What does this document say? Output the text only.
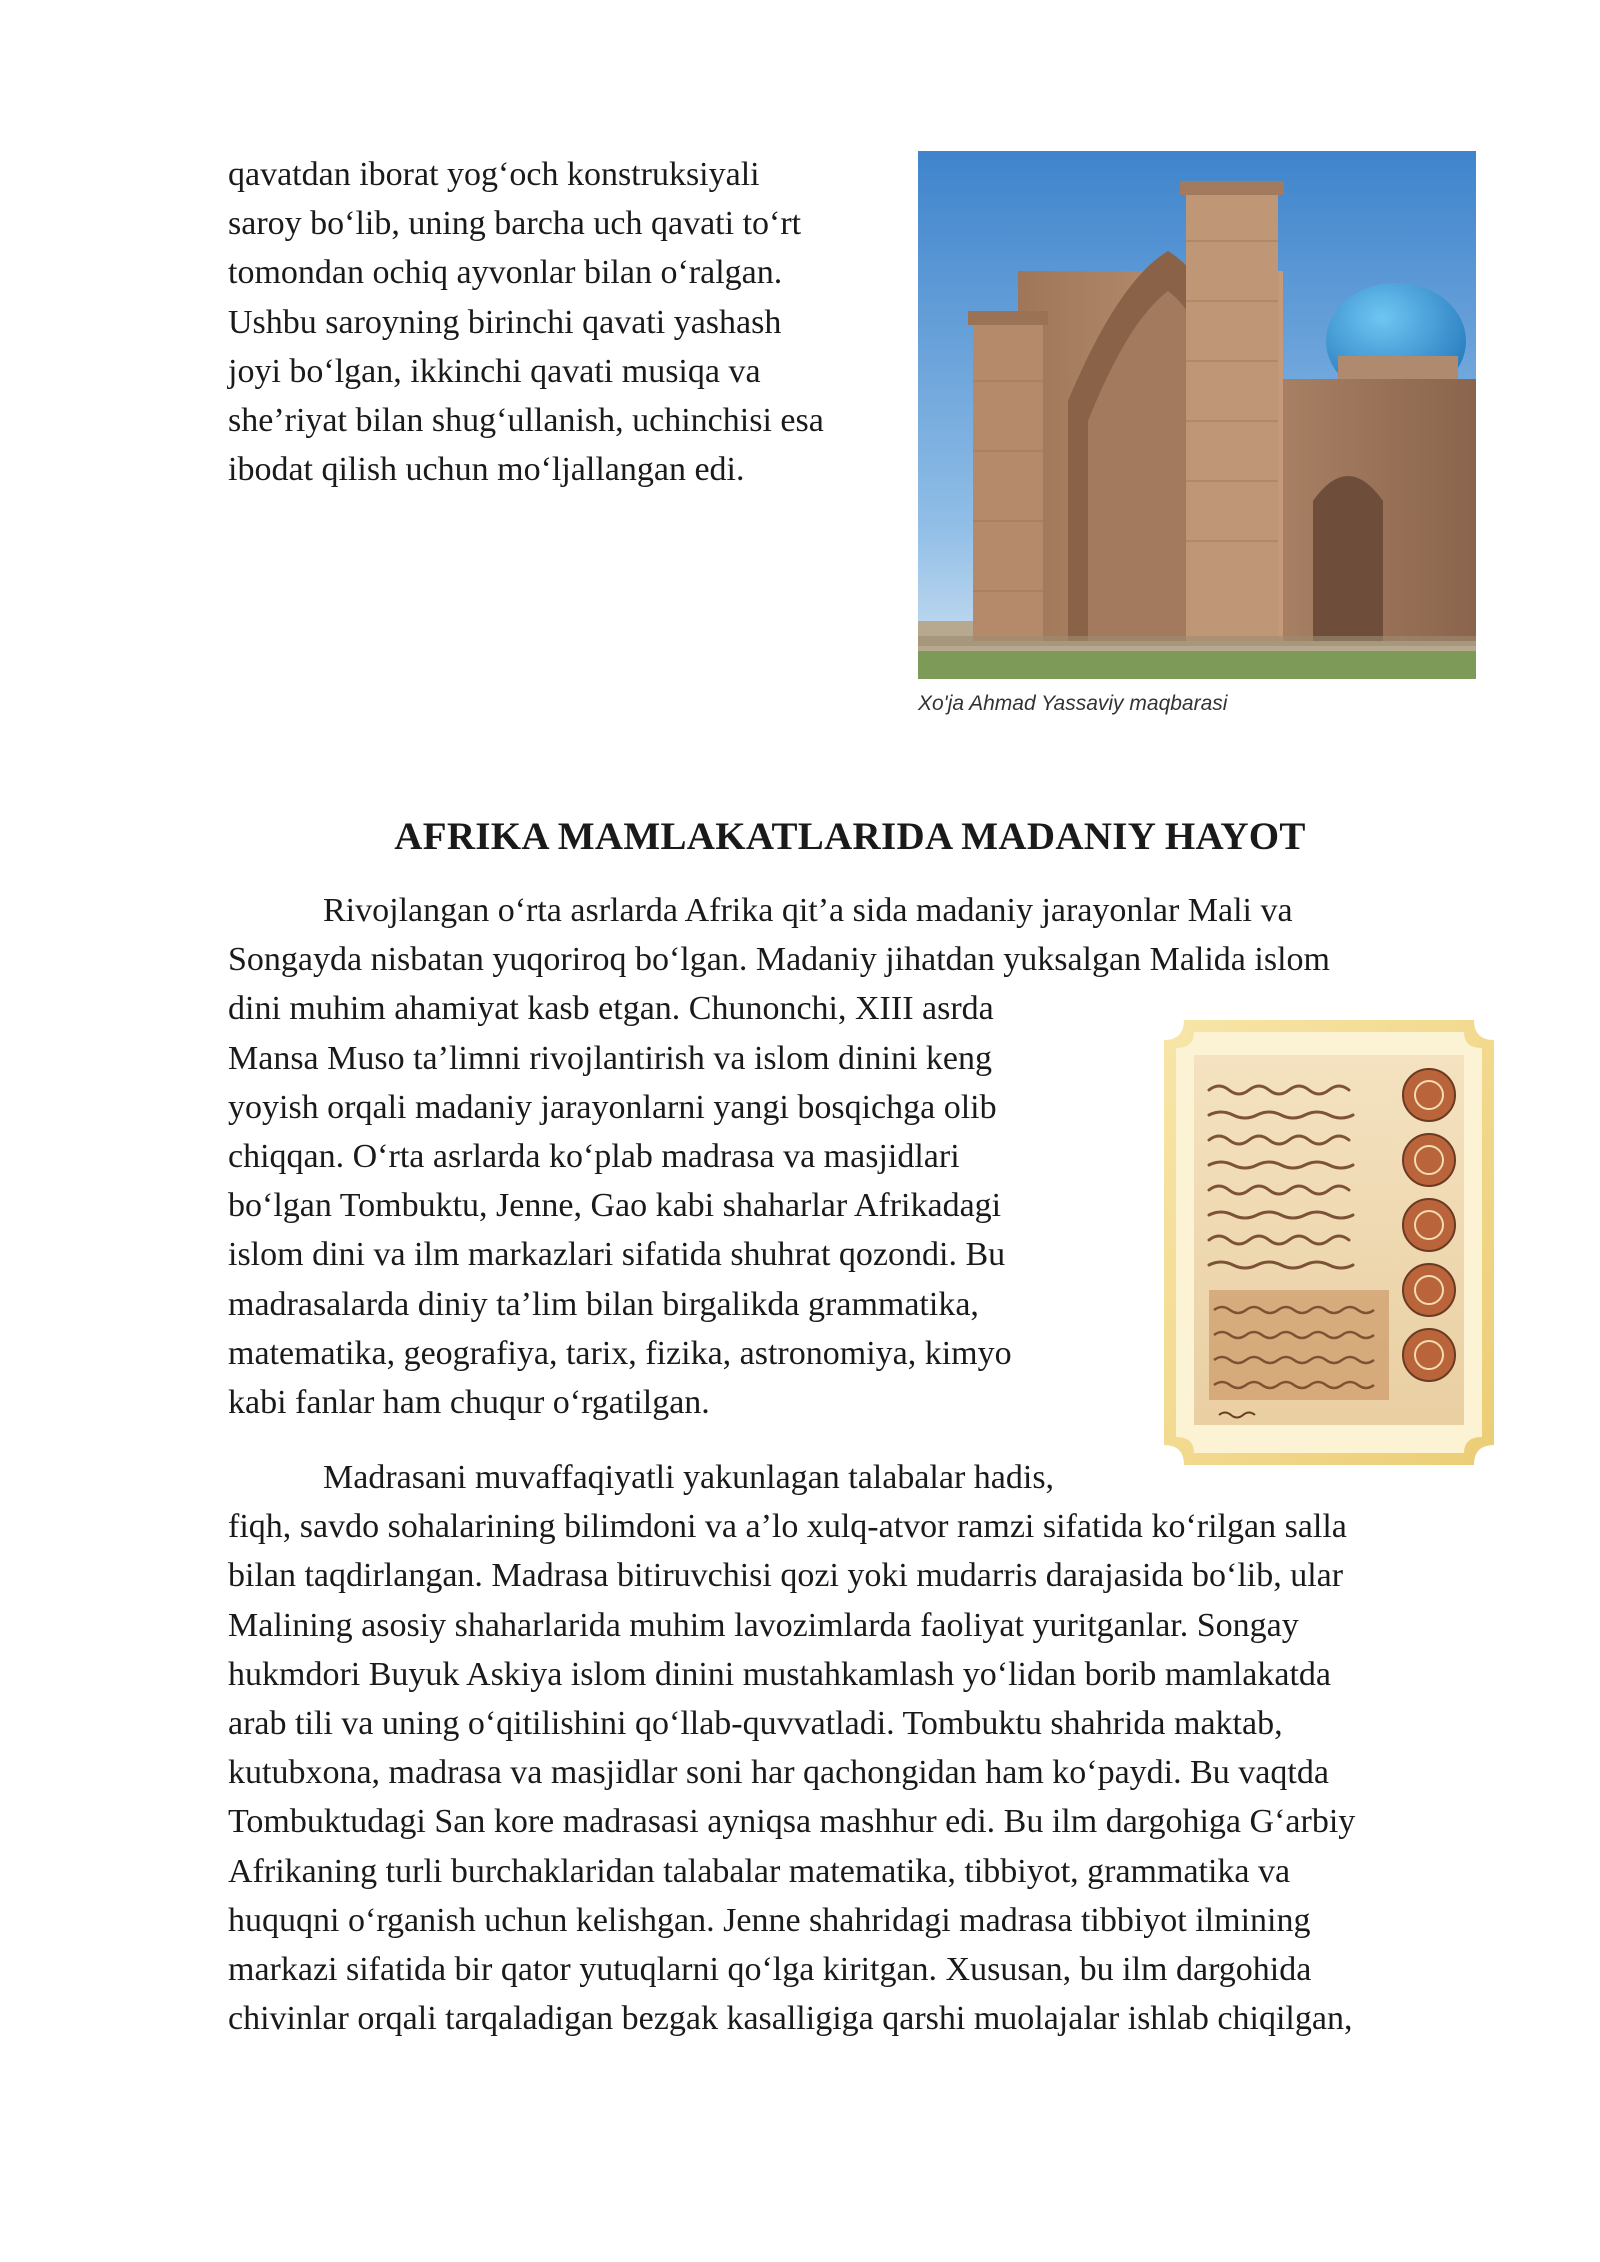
qavatdan iborat yog‘och konstruksiyali
saroy bo‘lib, uning barcha uch qavati to‘rt
tomondan ochiq ayvonlar bilan o‘ralgan.
Ushbu saroyning birinchi qavati yashash
joyi bo‘lgan, ikkinchi qavati musiqa va
she’riyat bilan shug‘ullanish, uchinchisi esa
ibodat qilish uchun mo‘ljallangan edi.
Xo'ja Ahmad Yassaviy maqbarasi
AFRIKA MAMLAKATLARIDA MADANIY HAYOT
Rivojlangan o‘rta asrlarda Afrika qit’a sida madaniy jarayonlar Mali va
Songayda nisbatan yuqoriroq bo‘lgan. Madaniy jihatdan yuksalgan Malida islom
dini muhim ahamiyat kasb etgan. Chunonchi, XIII asrda
Mansa Muso ta’limni rivojlantirish va islom dinini keng
yoyish orqali madaniy jarayonlarni yangi bosqichga olib
chiqqan. O‘rta asrlarda ko‘plab madrasa va masjidlari
bo‘lgan Tombuktu, Jenne, Gao kabi shaharlar Afrikadagi
islom dini va ilm markazlari sifatida shuhrat qozondi. Bu
madrasalarda diniy ta’lim bilan birgalikda grammatika,
matematika, geografiya, tarix, fizika, astronomiya, kimyo
kabi fanlar ham chuqur o‘rgatilgan.
Madrasani muvaffaqiyatli yakunlagan talabalar hadis,
fiqh, savdo sohalarining bilimdoni va a’lo xulq-atvor ramzi sifatida ko‘rilgan salla
bilan taqdirlangan. Madrasa bitiruvchisi qozi yoki mudarris darajasida bo‘lib, ular
Malining asosiy shaharlarida muhim lavozimlarda faoliyat yuritganlar. Songay
hukmdori Buyuk Askiya islom dinini mustahkamlash yo‘lidan borib mamlakatda
arab tili va uning o‘qitilishini qo‘llab-quvvatladi. Tombuktu shahrida maktab,
kutubxona, madrasa va masjidlar soni har qachongidan ham ko‘paydi. Bu vaqtda
Tombuktudagi San kore madrasasi ayniqsa mashhur edi. Bu ilm dargohiga G‘arbiy
Afrikaning turli burchaklaridan talabalar matematika, tibbiyot, grammatika va
huquqni o‘rganish uchun kelishgan. Jenne shahridagi madrasa tibbiyot ilmining
markazi sifatida bir qator yutuqlarni qo‘lga kiritgan. Xususan, bu ilm dargohida
chivinlar orqali tarqaladigan bezgak kasalligiga qarshi muolajalar ishlab chiqilgan,
